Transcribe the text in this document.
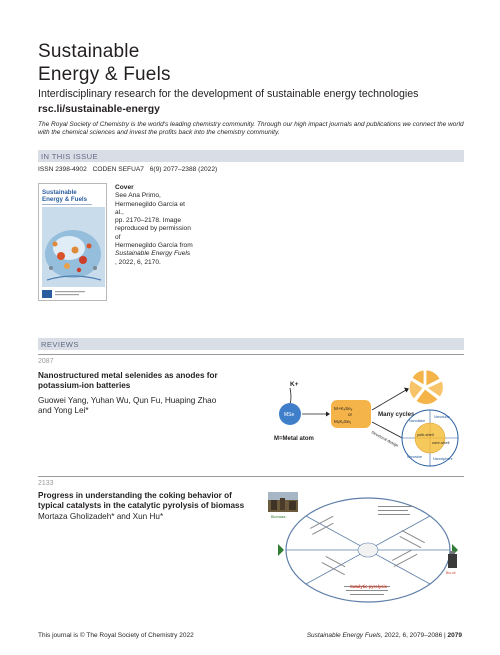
Sustainable
Energy & Fuels
Interdisciplinary research for the development of sustainable energy technologies
rsc.li/sustainable-energy
The Royal Society of Chemistry is the world's leading chemistry community. Through our high impact journals and publications we connect the world with the chemical sciences and invest the profits back into the chemistry community.
IN THIS ISSUE
ISSN 2398-4902 CODEN SEFUA7 6(9) 2077–2388 (2022)
Sustainable
Energy & Fuels
Cover
See Ana Primo,
Hermenegildo García et al.,
pp. 2170–2178. Image
reproduced by permission of
Hermenegildo García from
Sustainable Energy Fuels
, 2022, 6, 2170.
REVIEWS
2087
Nanostructured metal selenides as anodes for
potassium-ion batteries
Guowei Yang, Yuhan Wu, Qun Fu, Huaping Zhao
and Yong Lei*
K+
MSe
M=Metal atom
M+KₓSeᵧ
or
MₓKₓSeᵧ
Many cycles
Structural design	yolk-shell
core-shell
Nanoflake
Nanotube
Nanowire	Nanosphere
2133
Progress in understanding the coking behavior of
typical catalysts in the catalytic pyrolysis of biomass
Mortaza Gholizadeh* and Xun Hu*	Biomass
Bio-oil
Catalytic pyrolysis
This journal is © The Royal Society of Chemistry 2022	Sustainable Energy Fuels, 2022, 6, 2079–2086 | 2079
